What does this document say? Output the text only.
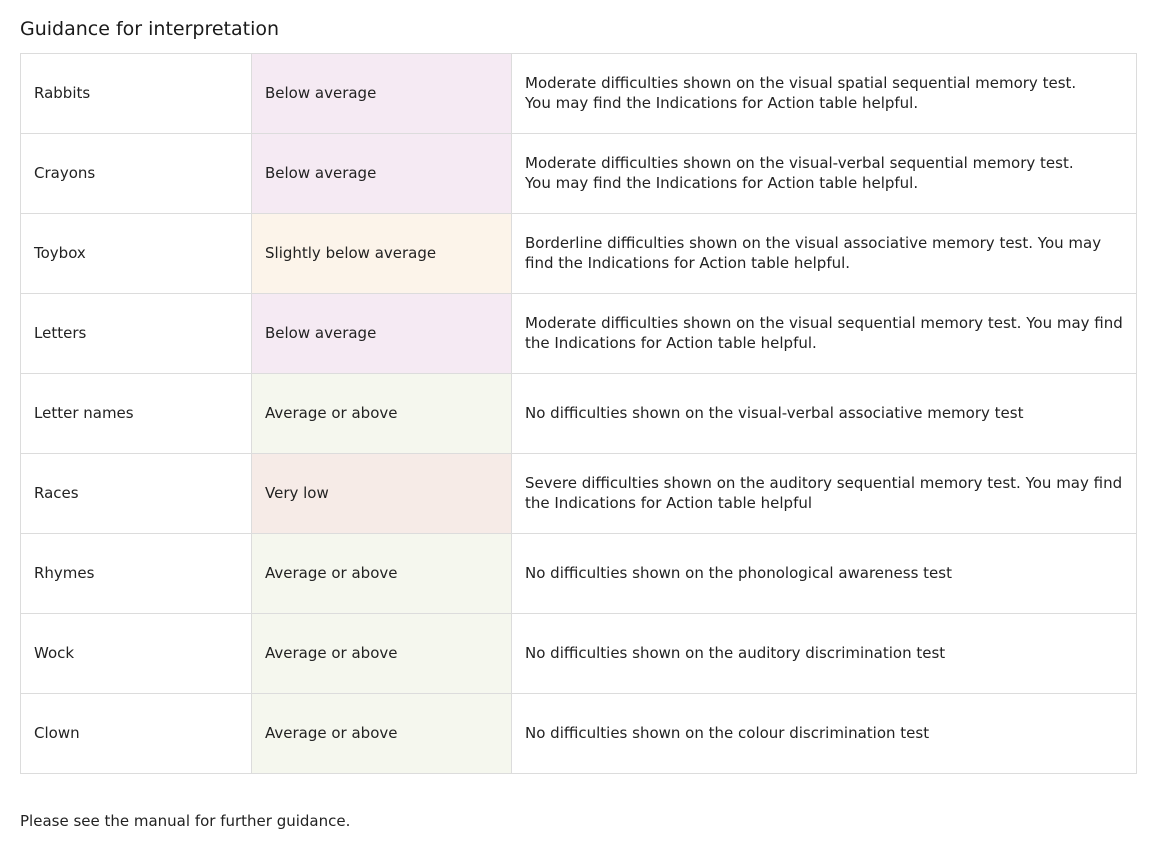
Guidance for interpretation
Rabbits	Below average	Moderate difficulties shown on the visual spatial sequential memory test.
You may find the Indications for Action table helpful.
Crayons	Below average	Moderate difficulties shown on the visual-verbal sequential memory test.
You may find the Indications for Action table helpful.
Toybox	Slightly below average	Borderline difficulties shown on the visual associative memory test. You may
find the Indications for Action table helpful.
Letters	Below average	Moderate difficulties shown on the visual sequential memory test. You may find
the Indications for Action table helpful.
Letter names	Average or above	No difficulties shown on the visual-verbal associative memory test
Races	Very low	Severe difficulties shown on the auditory sequential memory test. You may find
the Indications for Action table helpful
Rhymes	Average or above	No difficulties shown on the phonological awareness test
Wock	Average or above	No difficulties shown on the auditory discrimination test
Clown	Average or above	No difficulties shown on the colour discrimination test

Please see the manual for further guidance.
